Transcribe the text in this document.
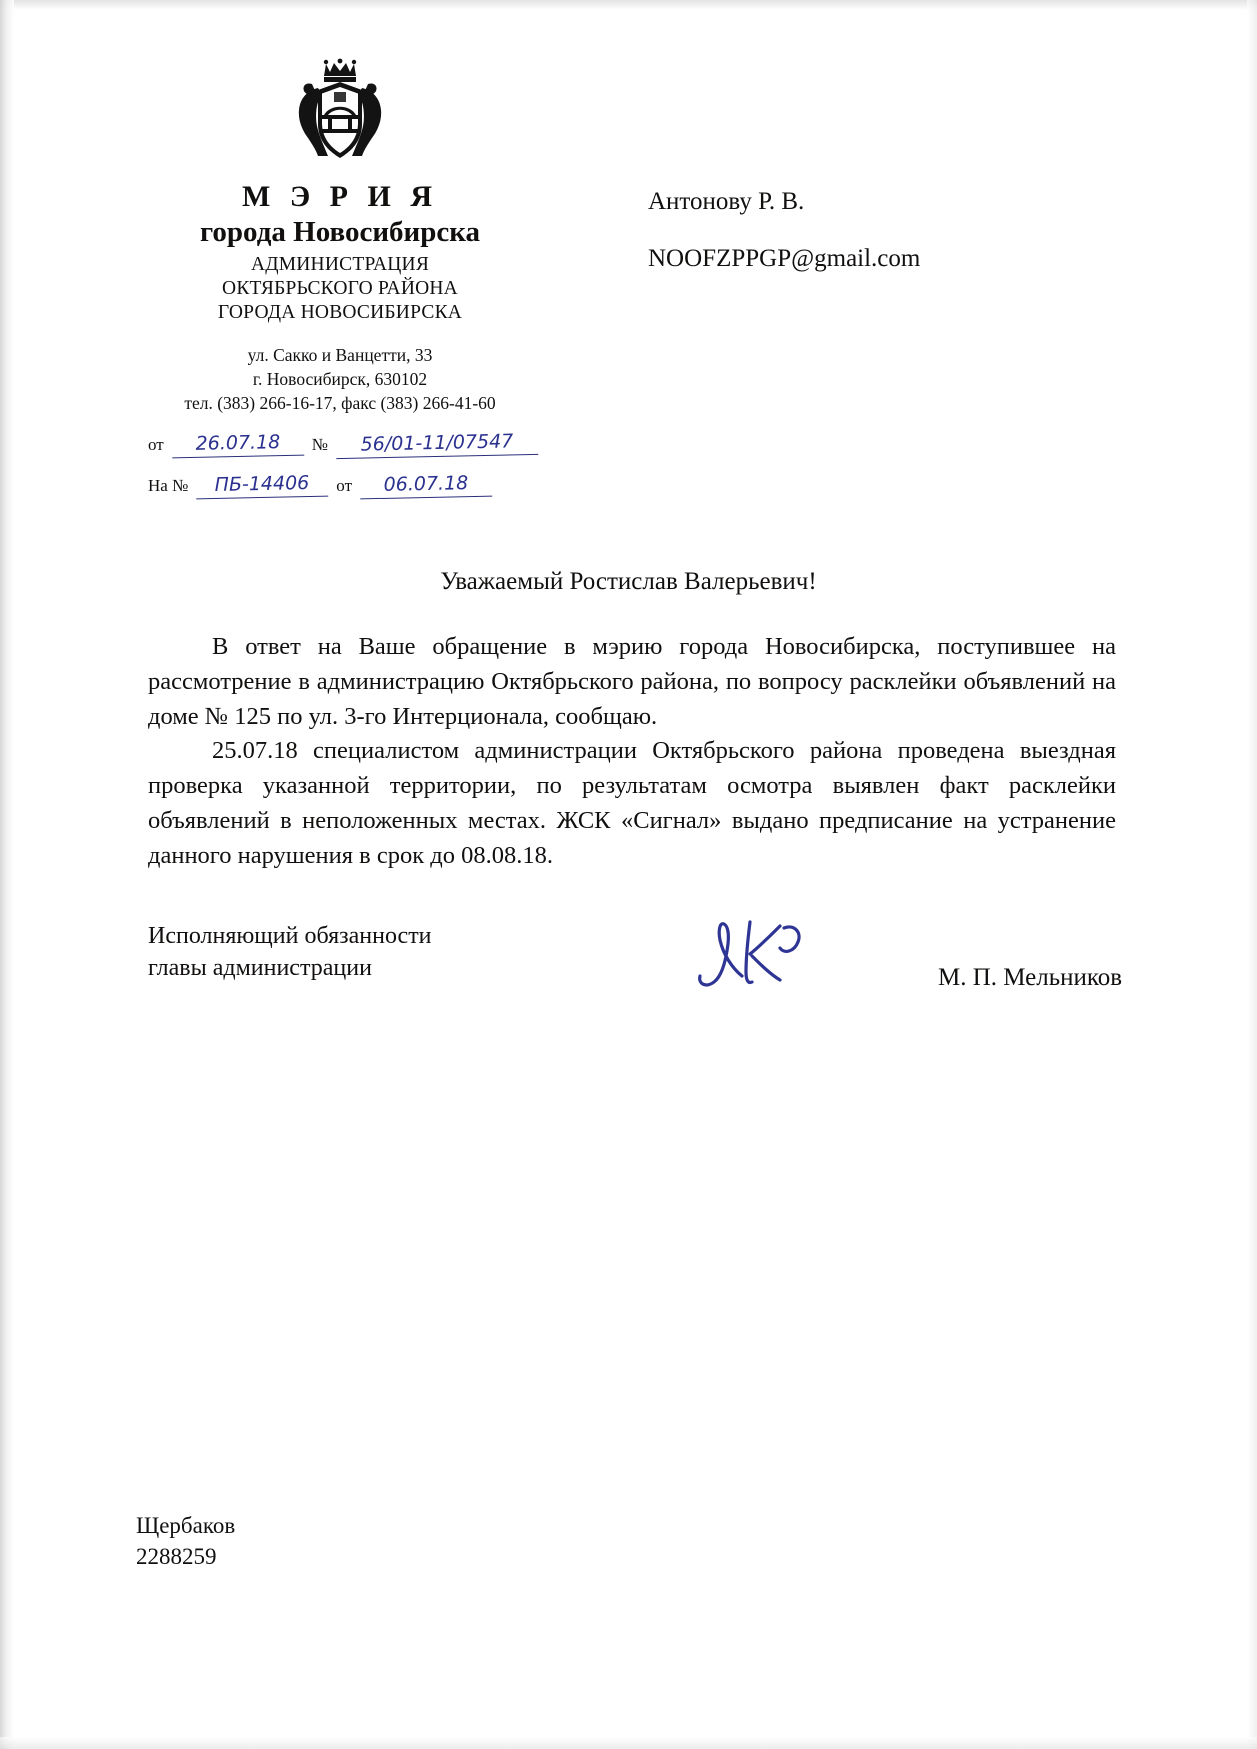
М Э Р И Я
города Новосибирска
АДМИНИСТРАЦИЯ
ОКТЯБРЬСКОГО РАЙОНА
ГОРОДА НОВОСИБИРСКА
ул. Сакко и Ванцетти, 33
г. Новосибирск, 630102
тел. (383) 266-16-17, факс (383) 266-41-60
от	26.07.18	№	56/01-11/07547
На №	ПБ-14406	от	06.07.18
Антонову Р. В.
NOOFZPPGP@gmail.com
Уважаемый Ростислав Валерьевич!

В ответ на Ваше обращение в мэрию города Новосибирска, поступившее на рассмотрение в администрацию Октябрьского района, по вопросу расклейки объявлений на доме № 125 по ул. 3-го Интерционала, сообщаю.

25.07.18 специалистом администрации Октябрьского района проведена выездная проверка указанной территории, по результатам осмотра выявлен факт расклейки объявлений в неположенных местах. ЖСК «Сигнал» выдано предписание на устранение данного нарушения в срок до 08.08.18.

Исполняющий обязанности
главы администрации	М. П. Мельников
Щербаков
2288259
